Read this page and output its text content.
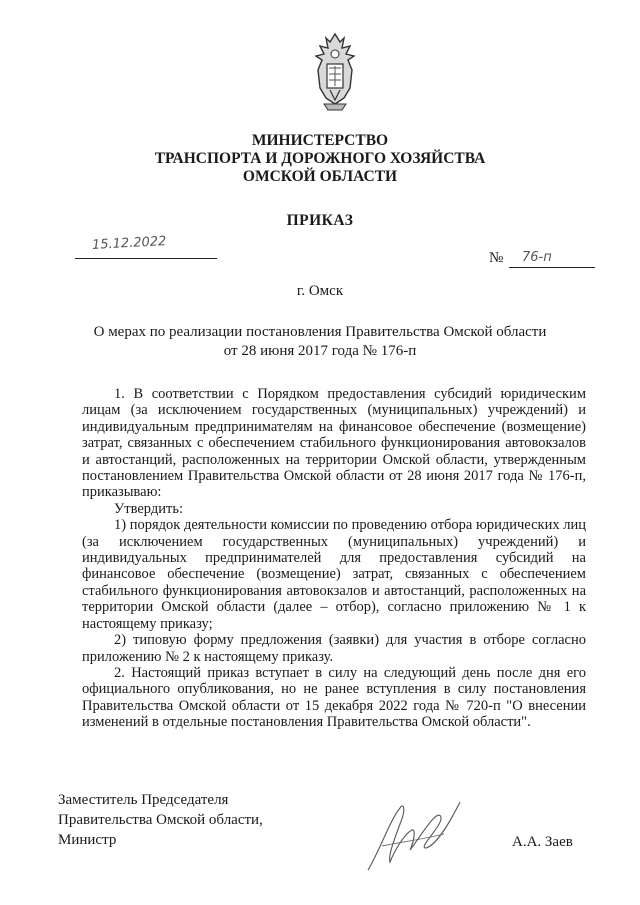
МИНИСТЕРСТВО
ТРАНСПОРТА И ДОРОЖНОГО ХОЗЯЙСТВА
ОМСКОЙ ОБЛАСТИ
ПРИКАЗ
15.12.2022
№ 76-п
г. Омск
О мерах по реализации постановления Правительства Омской области
от 28 июня 2017 года № 176-п

1. В соответствии с Порядком предоставления субсидий юридическим лицам (за исключением государственных (муниципальных) учреждений) и индивидуальным предпринимателям на финансовое обеспечение (возмещение) затрат, связанных с обеспечением стабильного функционирования автовокзалов и автостанций, расположенных на территории Омской области, утвержденным постановлением Правительства Омской области от 28 июня 2017 года № 176-п, приказываю:

Утвердить:

1) порядок деятельности комиссии по проведению отбора юридических лиц (за исключением государственных (муниципальных) учреждений) и индивидуальных предпринимателей для предоставления субсидий на финансовое обеспечение (возмещение) затрат, связанных с обеспечением стабильного функционирования автовокзалов и автостанций, расположенных на территории Омской области (далее – отбор), согласно приложению № 1 к настоящему приказу;

2) типовую форму предложения (заявки) для участия в отборе согласно приложению № 2 к настоящему приказу.

2. Настоящий приказ вступает в силу на следующий день после дня его официального опубликования, но не ранее вступления в силу постановления Правительства Омской области от 15 декабря 2022 года № 720-п "О внесении изменений в отдельные постановления Правительства Омской области".

Заместитель Председателя
Правительства Омской области,
Министр	А.А. Заев
